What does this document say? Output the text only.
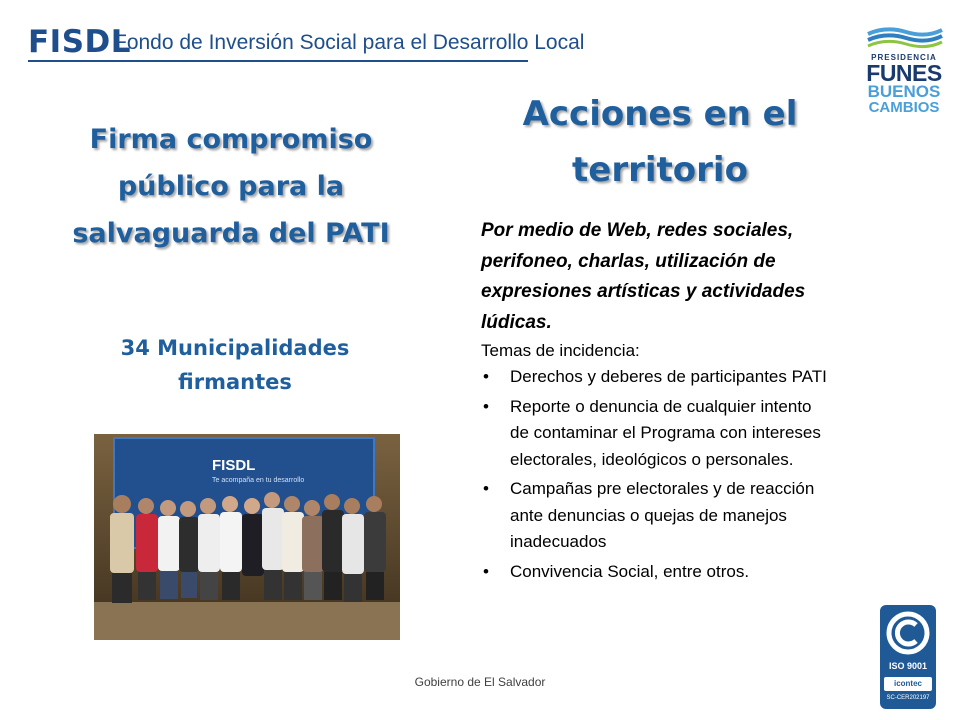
FISDL
Fondo de Inversión Social para el Desarrollo Local
PRESIDENCIA
FUNES
BUENOS
CAMBIOS
Acciones en el
territorio
Firma compromiso
público para la
salvaguarda del PATI
34 Municipalidades
firmantes
FISDL
Te acompaña en tu desarrollo

Por medio de Web, redes sociales,
perifoneo, charlas, utilización de
expresiones artísticas y actividades
lúdicas.

Temas de incidencia:

• Derechos y deberes de participantes PATI
• Reporte o denuncia de cualquier intento
de contaminar el Programa con intereses
electorales, ideológicos o personales.
• Campañas pre electorales y de reacción
ante denuncias o quejas de manejos
inadecuados
• Convivencia Social, entre otros.
ISO 9001
icontec
SC-CER202197
Gobierno de El Salvador
